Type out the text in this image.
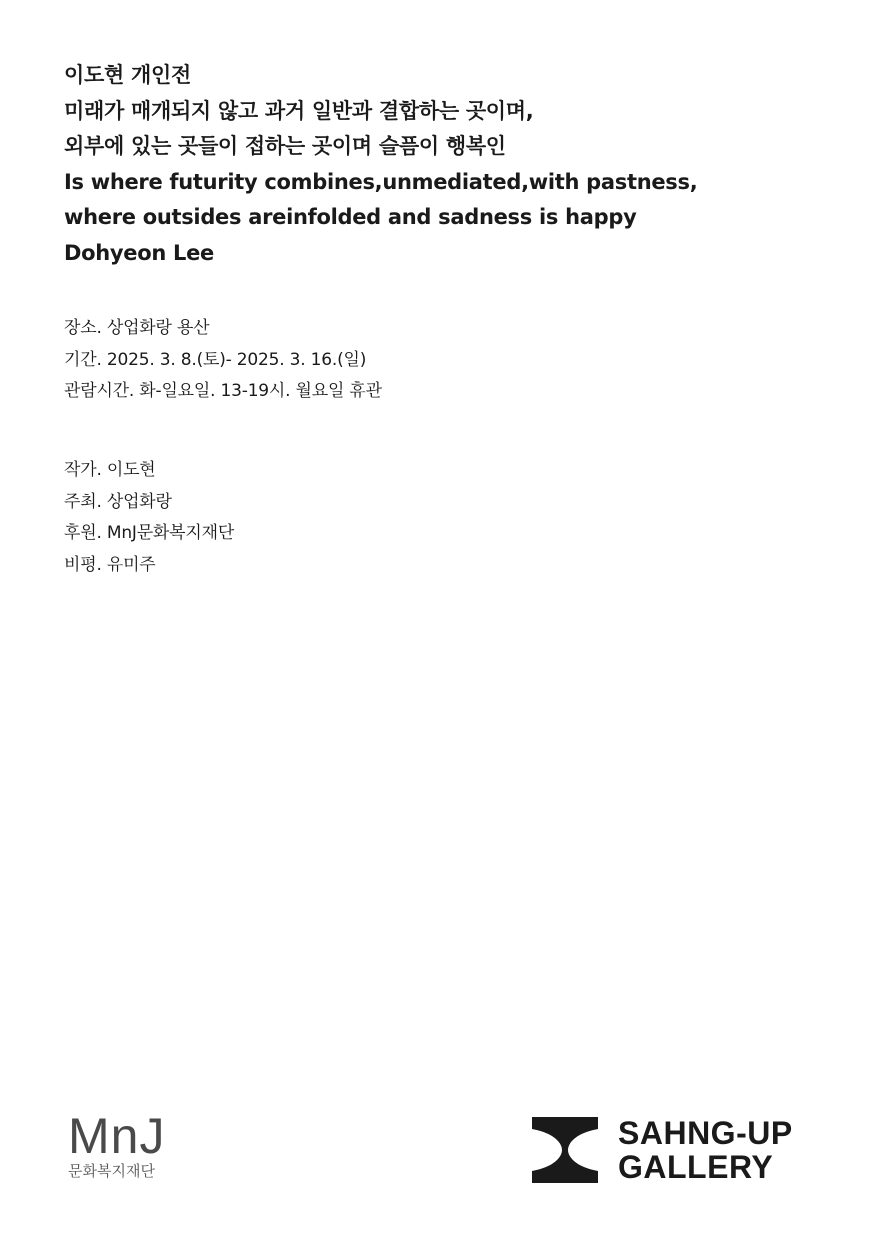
이도현 개인전
미래가 매개되지 않고 과거 일반과 결합하는 곳이며,
외부에 있는 곳들이 접하는 곳이며 슬픔이 행복인
Is where futurity combines,unmediated,with pastness,
where outsides areinfolded and sadness is happy
Dohyeon Lee
장소. 상업화랑 용산
기간. 2025. 3. 8.(토)- 2025. 3. 16.(일)
관람시간. 화-일요일. 13-19시. 월요일 휴관
작가. 이도현
주최. 상업화랑
후원. MnJ문화복지재단
비평. 유미주
MnJ
문화복지재단
SAHNG-UP
GALLERY
